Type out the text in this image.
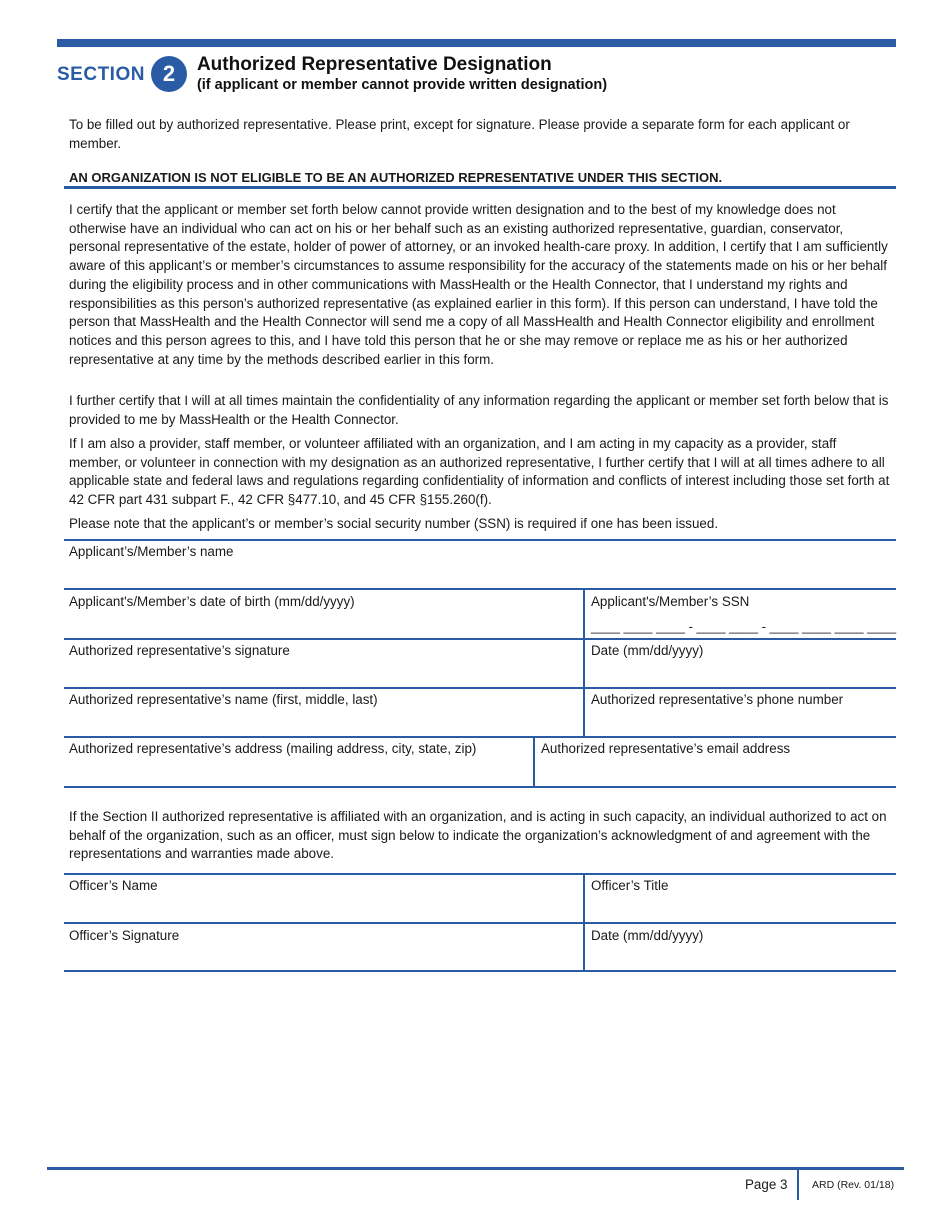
SECTION 2	Authorized Representative Designation
(if applicant or member cannot provide written designation)
To be filled out by authorized representative. Please print, except for signature. Please provide a separate form for each applicant or member.
AN ORGANIZATION IS NOT ELIGIBLE TO BE AN AUTHORIZED REPRESENTATIVE UNDER THIS SECTION.
I certify that the applicant or member set forth below cannot provide written designation and to the best of my knowledge does not otherwise have an individual who can act on his or her behalf such as an existing authorized representative, guardian, conservator, personal representative of the estate, holder of power of attorney, or an invoked health-care proxy. In addition, I certify that I am sufficiently aware of this applicant’s or member’s circumstances to assume responsibility for the accuracy of the statements made on his or her behalf during the eligibility process and in other communications with MassHealth or the Health Connector, that I understand my rights and responsibilities as this person’s authorized representative (as explained earlier in this form). If this person can understand, I have told the person that MassHealth and the Health Connector will send me a copy of all MassHealth and Health Connector eligibility and enrollment notices and this person agrees to this, and I have told this person that he or she may remove or replace me as his or her authorized representative at any time by the methods described earlier in this form.
I further certify that I will at all times maintain the confidentiality of any information regarding the applicant or member set forth below that is provided to me by MassHealth or the Health Connector.
If I am also a provider, staff member, or volunteer affiliated with an organization, and I am acting in my capacity as a provider, staff member, or volunteer in connection with my designation as an authorized representative, I further certify that I will at all times adhere to all applicable state and federal laws and regulations regarding confidentiality of information and conflicts of interest including those set forth at 42 CFR part 431 subpart F., 42 CFR §477.10, and 45 CFR §155.260(f).
Please note that the applicant’s or member’s social security number (SSN) is required if one has been issued.
Applicant’s/Member’s name
Applicant's/Member’s date of birth (mm/dd/yyyy)	Applicant's/Member’s SSN
____ ____ ____ - ____ ____ - ____ ____ ____ ____
Authorized representative’s signature	Date (mm/dd/yyyy)
Authorized representative’s name (first, middle, last)	Authorized representative’s phone number
Authorized representative’s address (mailing address, city, state, zip)	Authorized representative’s email address
If the Section II authorized representative is affiliated with an organization, and is acting in such capacity, an individual authorized to act on behalf of the organization, such as an officer, must sign below to indicate the organization’s acknowledgment of and agreement with the representations and warranties made above.
Officer’s Name	Officer’s Title
Officer’s Signature	Date (mm/dd/yyyy)
Page 3 ARD (Rev. 01/18)
